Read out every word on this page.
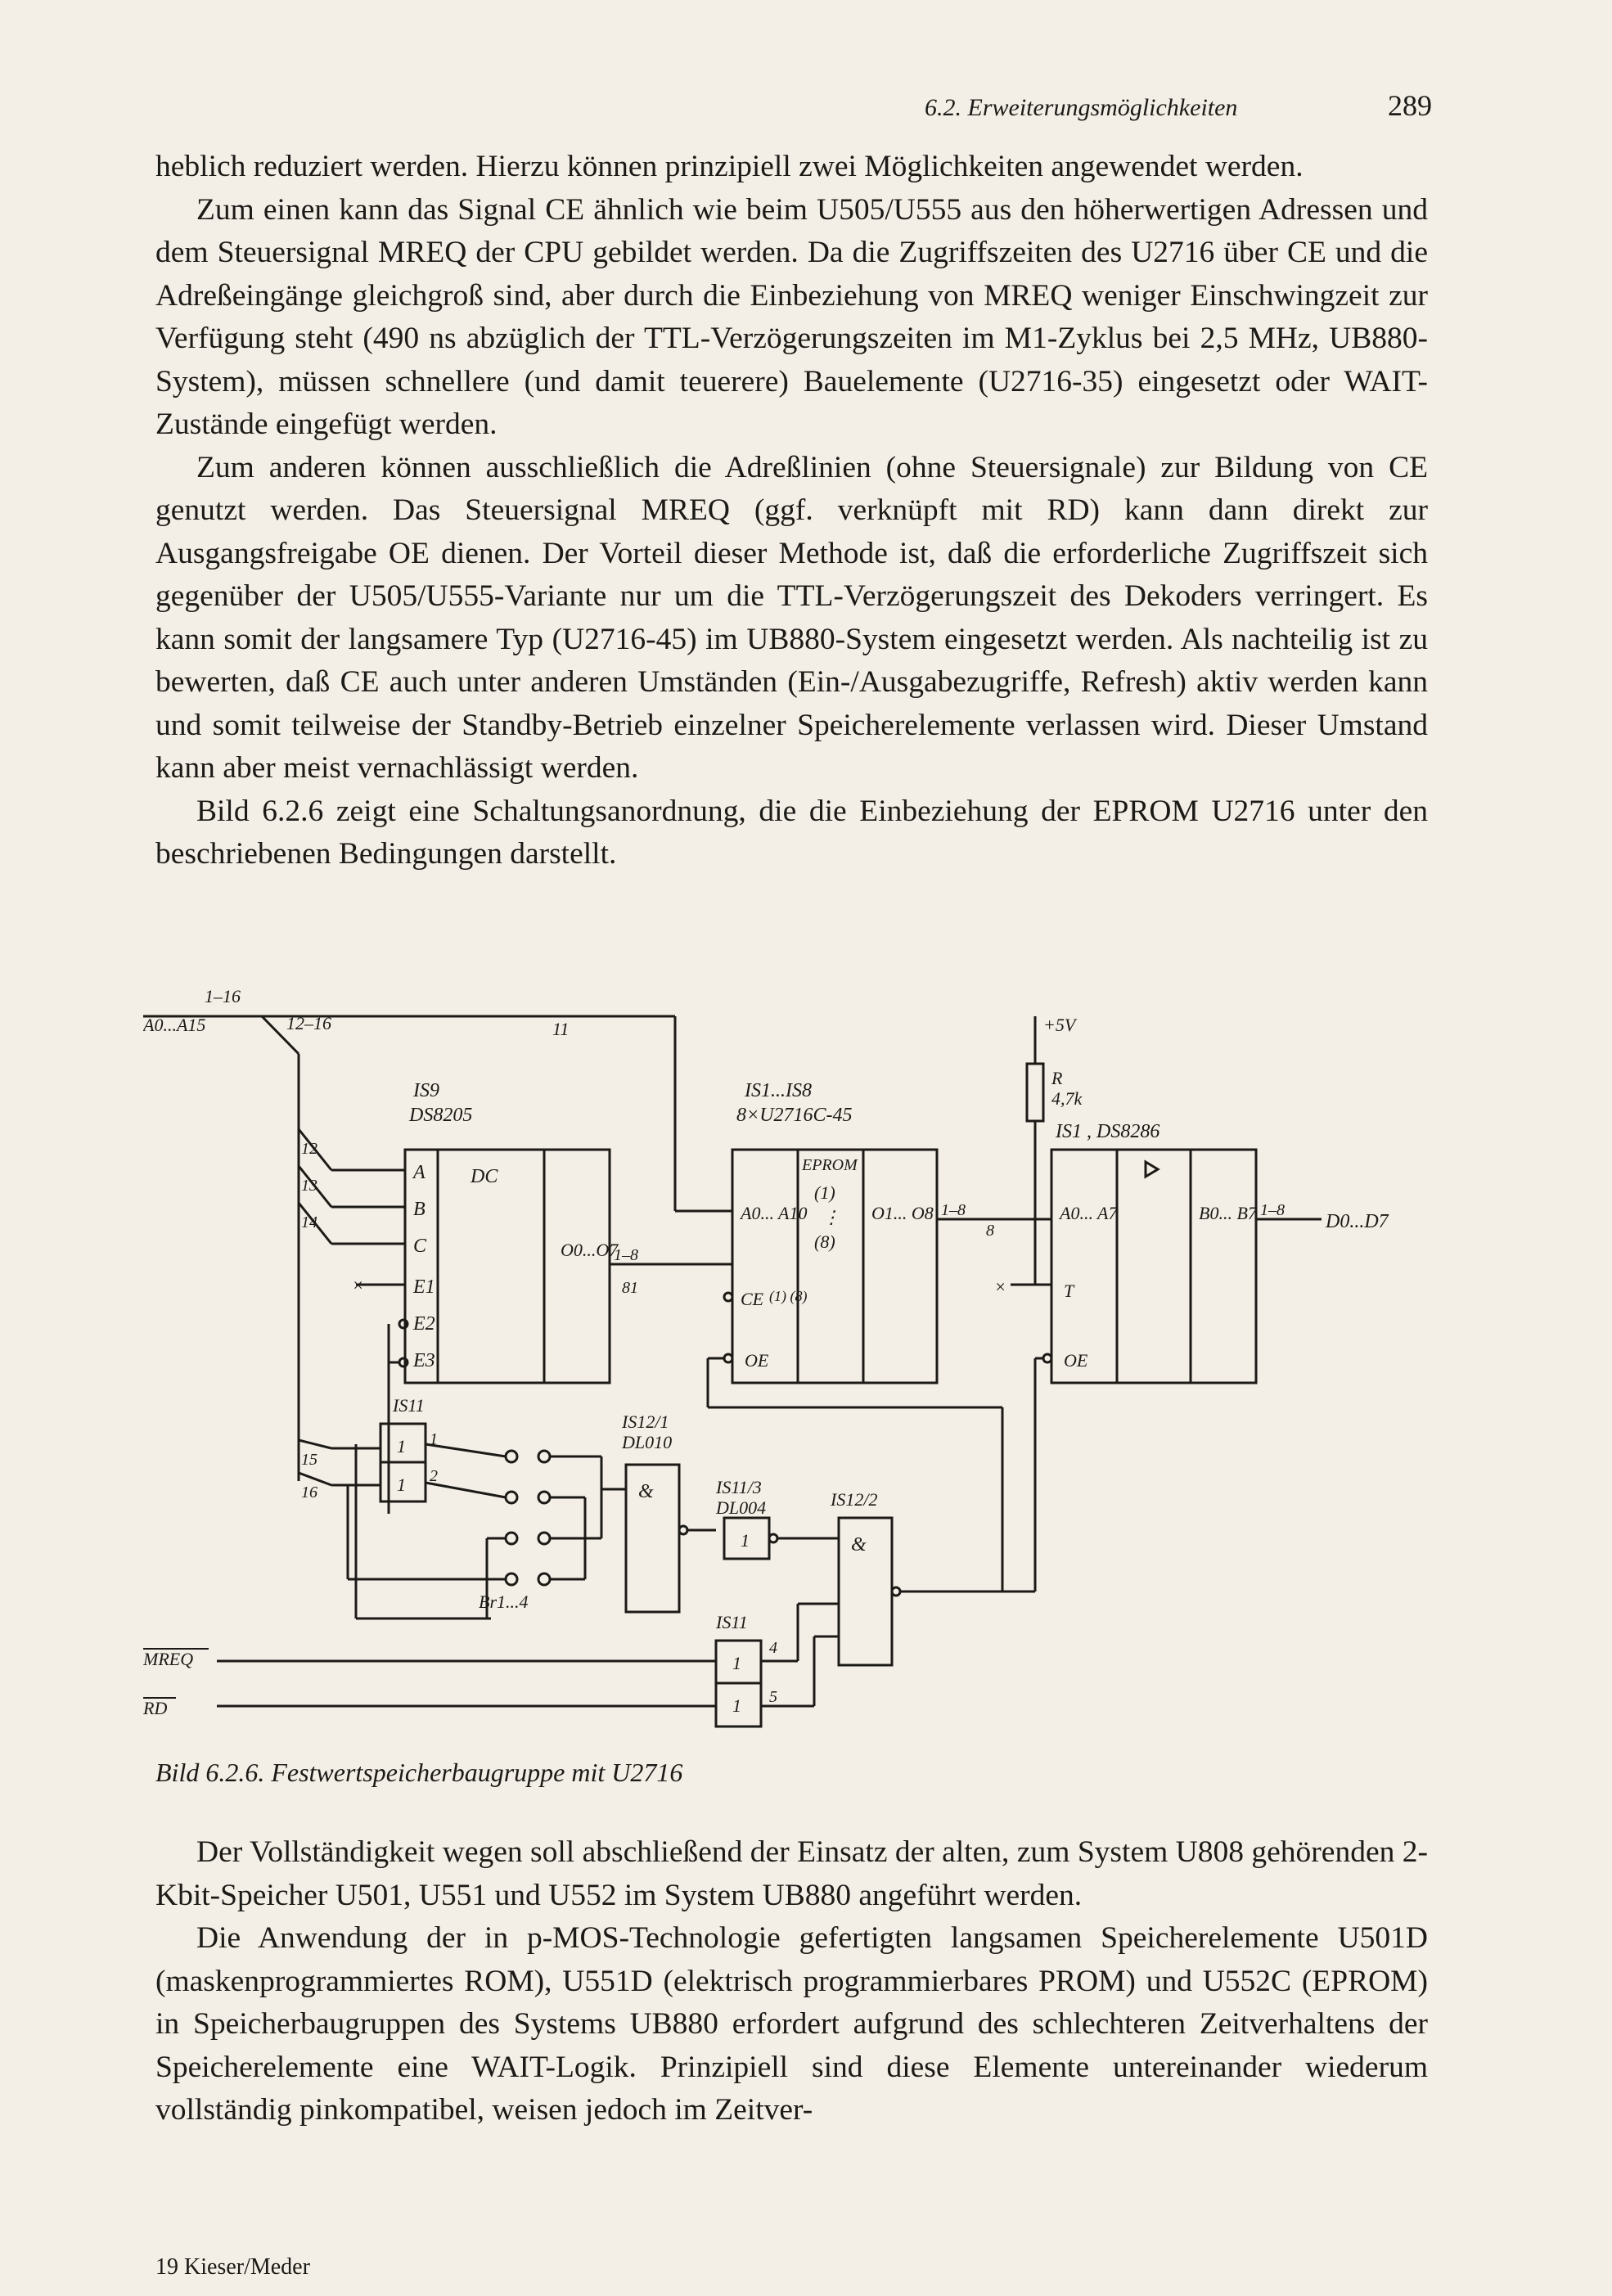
6.2. Erweiterungsmöglichkeiten	289

heblich reduziert werden. Hierzu können prinzipiell zwei Möglichkeiten angewendet werden.

Zum einen kann das Signal CE ähnlich wie beim U505/U555 aus den höherwertigen Adressen und dem Steuersignal MREQ der CPU gebildet werden. Da die Zugriffszeiten des U2716 über CE und die Adreßeingänge gleichgroß sind, aber durch die Einbeziehung von MREQ weniger Einschwingzeit zur Verfügung steht (490 ns abzüglich der TTL-Verzögerungszeiten im M1-Zyklus bei 2,5 MHz, UB880-System), müssen schnellere (und damit teuerere) Bauelemente (U2716-35) eingesetzt oder WAIT-Zustände eingefügt werden.

Zum anderen können ausschließlich die Adreßlinien (ohne Steuersignale) zur Bildung von CE genutzt werden. Das Steuersignal MREQ (ggf. verknüpft mit RD) kann dann direkt zur Ausgangsfreigabe OE dienen. Der Vorteil dieser Methode ist, daß die erforderliche Zugriffszeit sich gegenüber der U505/U555-Variante nur um die TTL-Verzögerungszeit des Dekoders verringert. Es kann somit der langsamere Typ (U2716-45) im UB880-System eingesetzt werden. Als nachteilig ist zu bewerten, daß CE auch unter anderen Umständen (Ein-/Ausgabezugriffe, Refresh) aktiv werden kann und somit teilweise der Standby-Betrieb einzelner Speicherelemente verlassen wird. Dieser Umstand kann aber meist vernachlässigt werden.

Bild 6.2.6 zeigt eine Schaltungsanordnung, die die Einbeziehung der EPROM U2716 unter den beschriebenen Bedingungen darstellt.

A0...A15
1–16
12–16	11
IS9
DS8205
A
B
C
E1
E2
E3
DC
O0...O7
12
13
14
×
1–8
81
IS1...IS8
8×U2716C-45
EPROM
A0... A10
(1)
⋮
(8)
O1... O8
CE (1) (8)
OE
1–8
8
+5V
R
4,7k
×
IS1 , DS8286
A0... A7	B0... B7
T
OE
1–8
D0...D7
IS11
1
1
15
16
1
2
Br1...4
IS12/1
DL010
&	IS11/3
DL004
1
IS12/2
&
IS11
1
1
4
5
MREQ
RD
Bild 6.2.6. Festwertspeicherbaugruppe mit U2716

Der Vollständigkeit wegen soll abschließend der Einsatz der alten, zum System U808 gehörenden 2-Kbit-Speicher U501, U551 und U552 im System UB880 angeführt werden.

Die Anwendung der in p-MOS-Technologie gefertigten langsamen Speicherelemente U501D (maskenprogrammiertes ROM), U551D (elektrisch programmierbares PROM) und U552C (EPROM) in Speicherbaugruppen des Systems UB880 erfordert aufgrund des schlechteren Zeitverhaltens der Speicherelemente eine WAIT-Logik. Prinzipiell sind diese Elemente untereinander wiederum vollständig pinkompatibel, weisen jedoch im Zeitver-

19 Kieser/Meder
